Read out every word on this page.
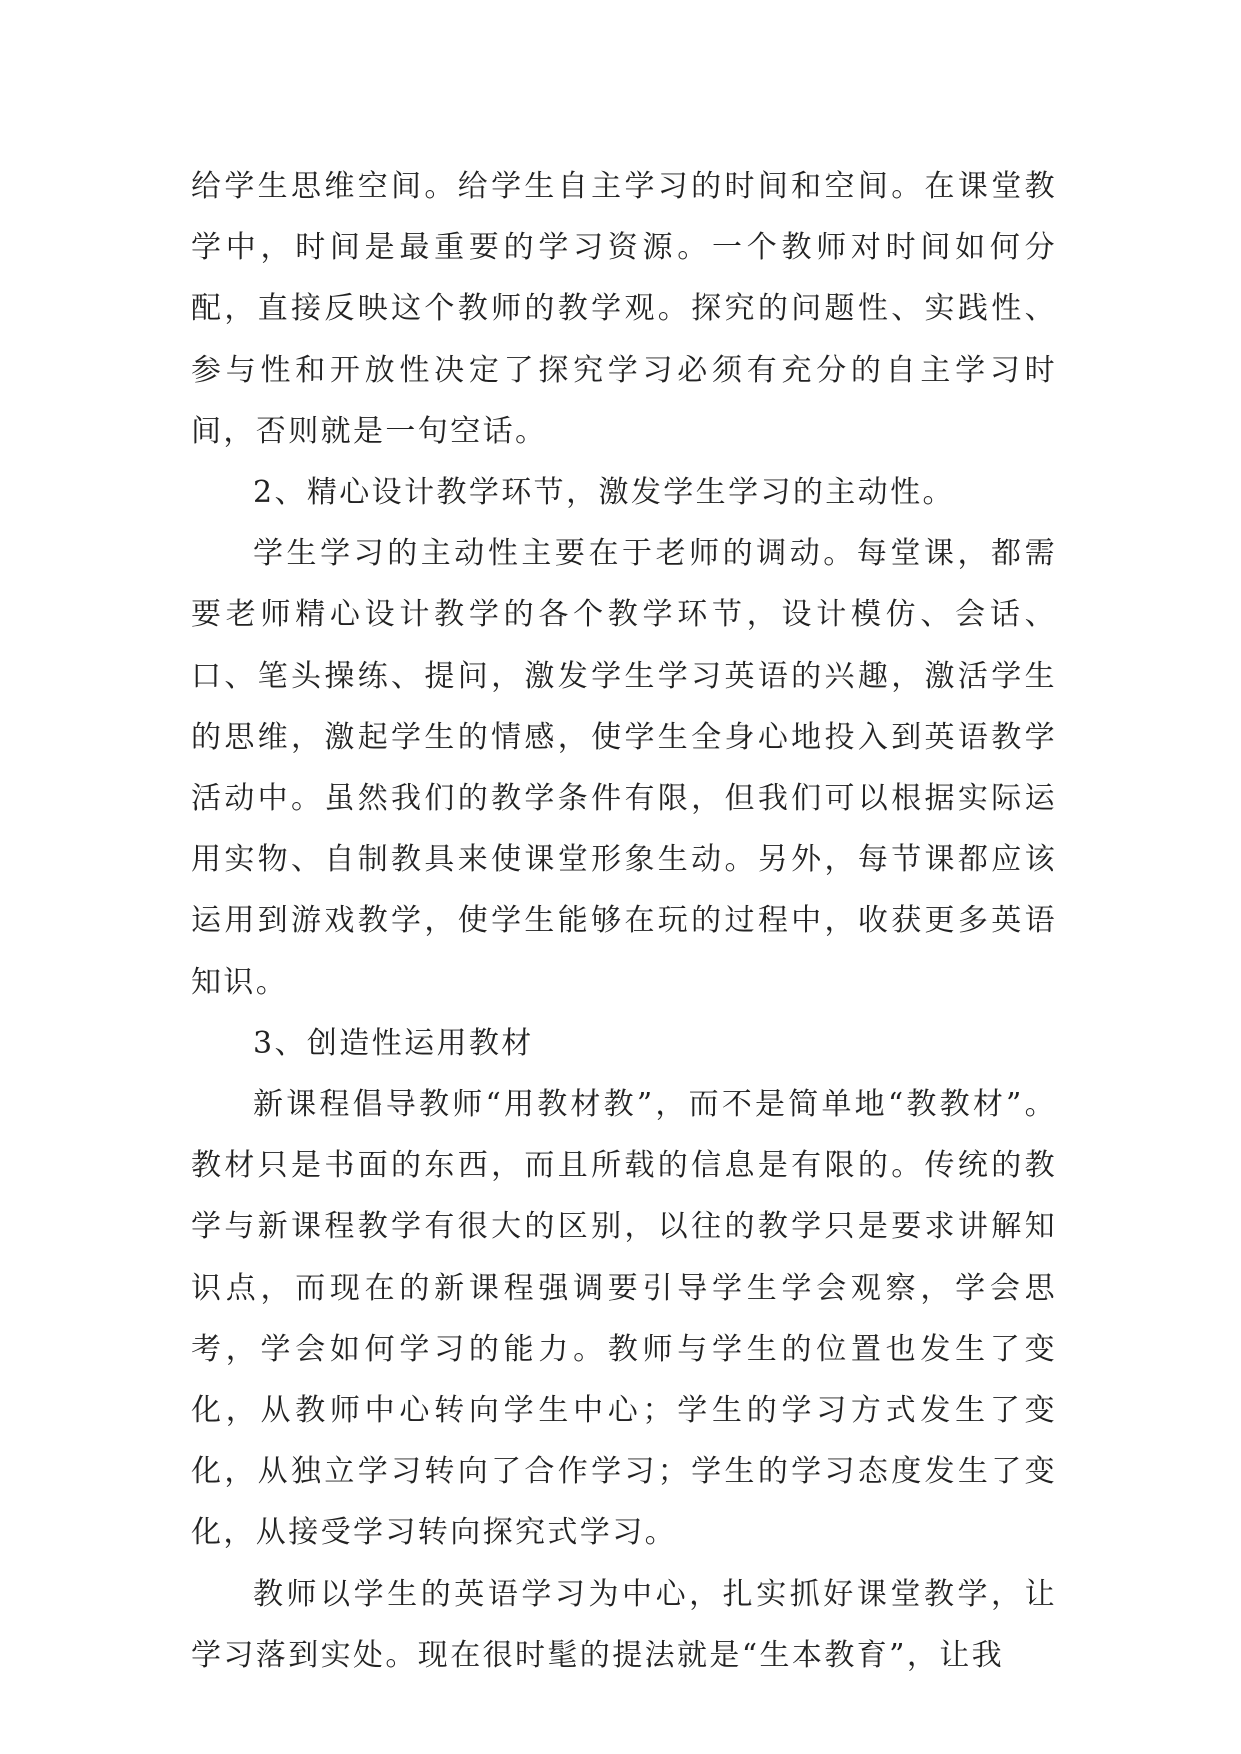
给学生思维空间。给学生自主学习的时间和空间。在课堂教学中，时间是最重要的学习资源。一个教师对时间如何分配，直接反映这个教师的教学观。探究的问题性、实践性、参与性和开放性决定了探究学习必须有充分的自主学习时间，否则就是一句空话。

2、精心设计教学环节，激发学生学习的主动性。

学生学习的主动性主要在于老师的调动。每堂课，都需要老师精心设计教学的各个教学环节，设计模仿、会话、口、笔头操练、提问，激发学生学习英语的兴趣，激活学生的思维，激起学生的情感，使学生全身心地投入到英语教学活动中。虽然我们的教学条件有限，但我们可以根据实际运用实物、自制教具来使课堂形象生动。另外，每节课都应该运用到游戏教学，使学生能够在玩的过程中，收获更多英语知识。

3、创造性运用教材

新课程倡导教师“用教材教”，而不是简单地“教教材”。教材只是书面的东西，而且所载的信息是有限的。传统的教学与新课程教学有很大的区别，以往的教学只是要求讲解知识点，而现在的新课程强调要引导学生学会观察，学会思考，学会如何学习的能力。教师与学生的位置也发生了变化，从教师中心转向学生中心；学生的学习方式发生了变化，从独立学习转向了合作学习；学生的学习态度发生了变化，从接受学习转向探究式学习。

教师以学生的英语学习为中心，扎实抓好课堂教学，让学习落到实处。现在很时髦的提法就是“生本教育”，让我
